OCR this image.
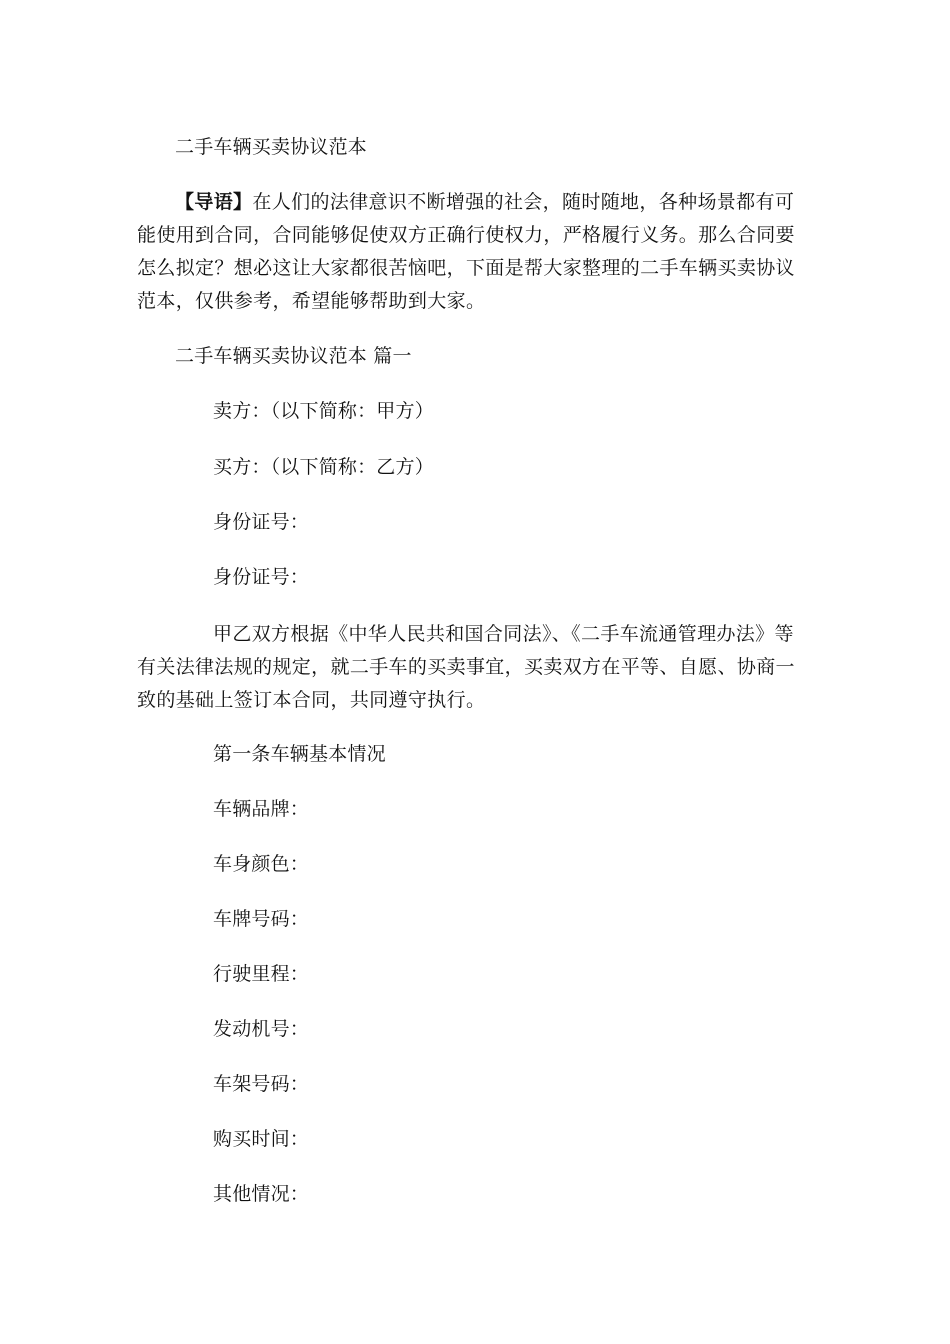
二手车辆买卖协议范本
【导语】在人们的法律意识不断增强的社会，随时随地，各种场景都有可能使用到合同，合同能够促使双方正确行使权力，严格履行义务。那么合同要怎么拟定？想必这让大家都很苦恼吧，下面是帮大家整理的二手车辆买卖协议范本，仅供参考，希望能够帮助到大家。
二手车辆买卖协议范本 篇一
卖方：（以下简称：甲方）
买方：（以下简称：乙方）
身份证号：
身份证号：
甲乙双方根据《中华人民共和国合同法》、《二手车流通管理办法》等有关法律法规的规定，就二手车的买卖事宜，买卖双方在平等、自愿、协商一致的基础上签订本合同，共同遵守执行。
第一条车辆基本情况
车辆品牌：
车身颜色：
车牌号码：
行驶里程：
发动机号：
车架号码：
购买时间：
其他情况：
